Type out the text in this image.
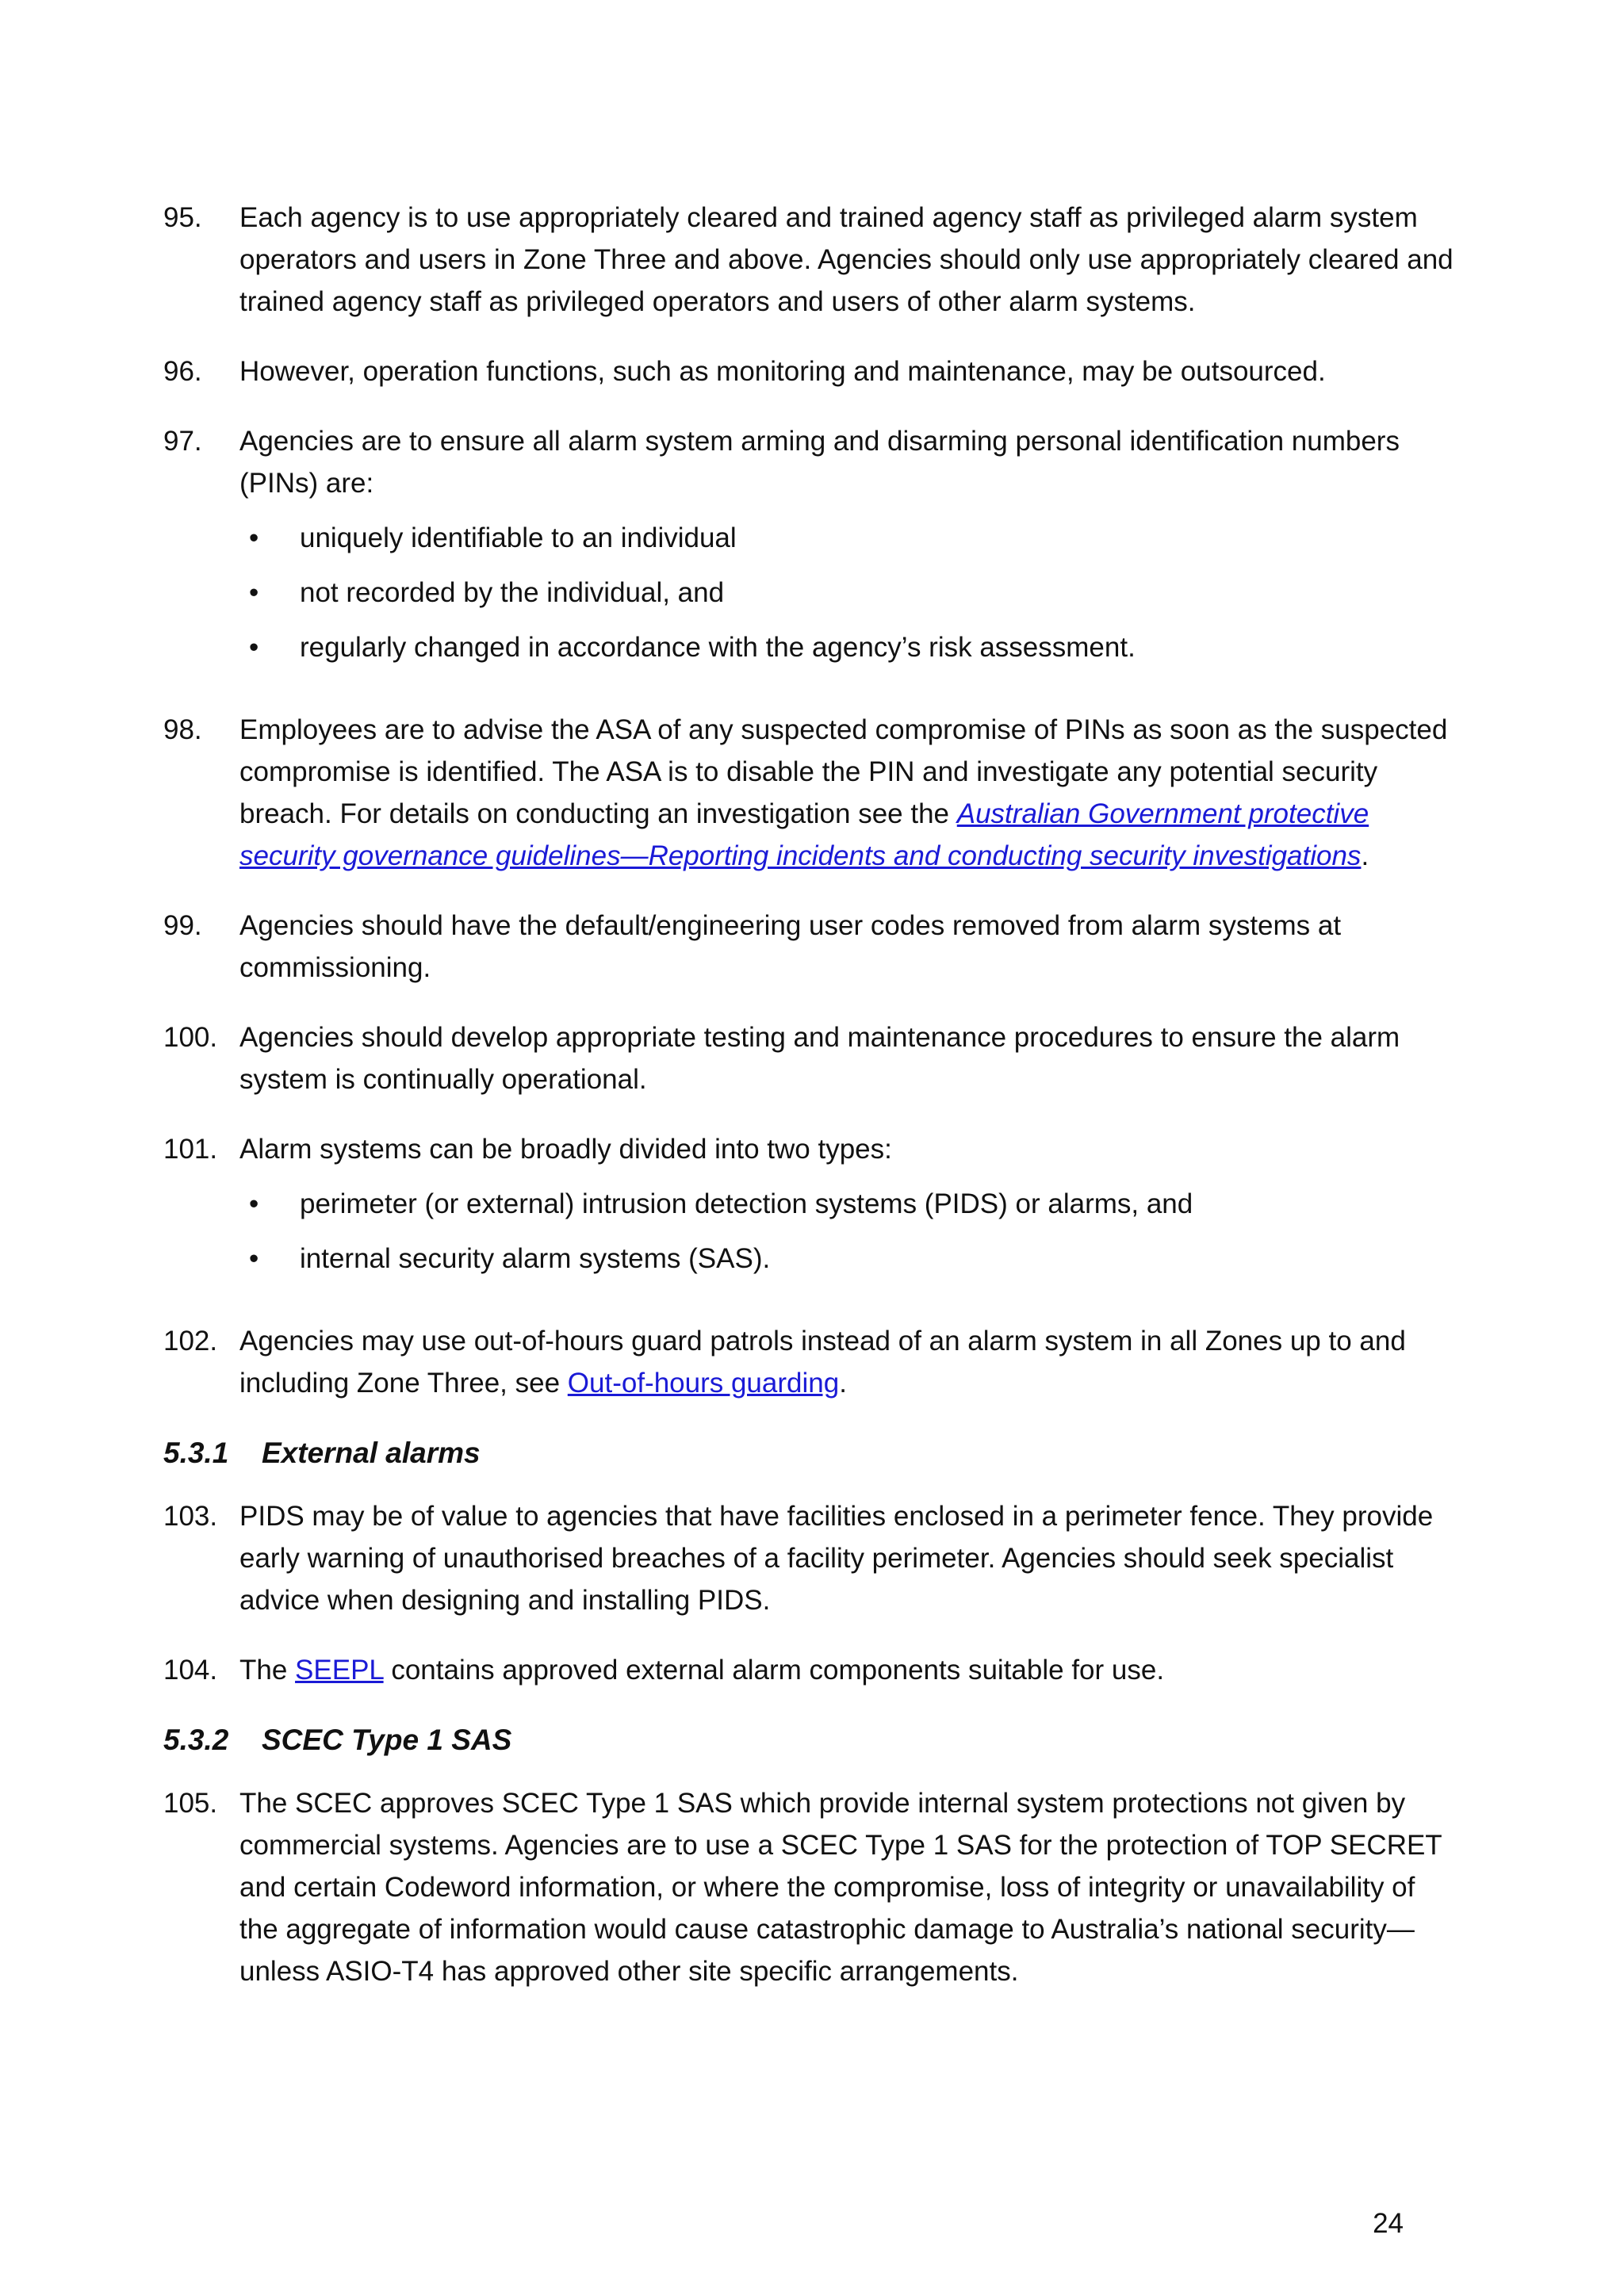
95.	Each agency is to use appropriately cleared and trained agency staff as privileged alarm system operators and users in Zone Three and above. Agencies should only use appropriately cleared and trained agency staff as privileged operators and users of other alarm systems.
96.	However, operation functions, such as monitoring and maintenance, may be outsourced.
97.	Agencies are to ensure all alarm system arming and disarming personal identification numbers (PINs) are:
•	uniquely identifiable to an individual
•	not recorded by the individual, and
•	regularly changed in accordance with the agency’s risk assessment.
98.	Employees are to advise the ASA of any suspected compromise of PINs as soon as the suspected compromise is identified. The ASA is to disable the PIN and investigate any potential security breach. For details on conducting an investigation see the Australian Government protective security governance guidelines—Reporting incidents and conducting security investigations.
99.	Agencies should have the default/engineering user codes removed from alarm systems at commissioning.
100. Agencies should develop appropriate testing and maintenance procedures to ensure the alarm system is continually operational.
101. Alarm systems can be broadly divided into two types:
•	perimeter (or external) intrusion detection systems (PIDS) or alarms, and
•	internal security alarm systems (SAS).
102. Agencies may use out-of-hours guard patrols instead of an alarm system in all Zones up to and including Zone Three, see Out-of-hours guarding.
5.3.1	External alarms
103. PIDS may be of value to agencies that have facilities enclosed in a perimeter fence. They provide early warning of unauthorised breaches of a facility perimeter. Agencies should seek specialist advice when designing and installing PIDS.
104. The SEEPL contains approved external alarm components suitable for use.
5.3.2	SCEC Type 1 SAS
105. The SCEC approves SCEC Type 1 SAS which provide internal system protections not given by commercial systems. Agencies are to use a SCEC Type 1 SAS for the protection of TOP SECRET and certain Codeword information, or where the compromise, loss of integrity or unavailability of the aggregate of information would cause catastrophic damage to Australia’s national security—unless ASIO-T4 has approved other site specific arrangements.
24
